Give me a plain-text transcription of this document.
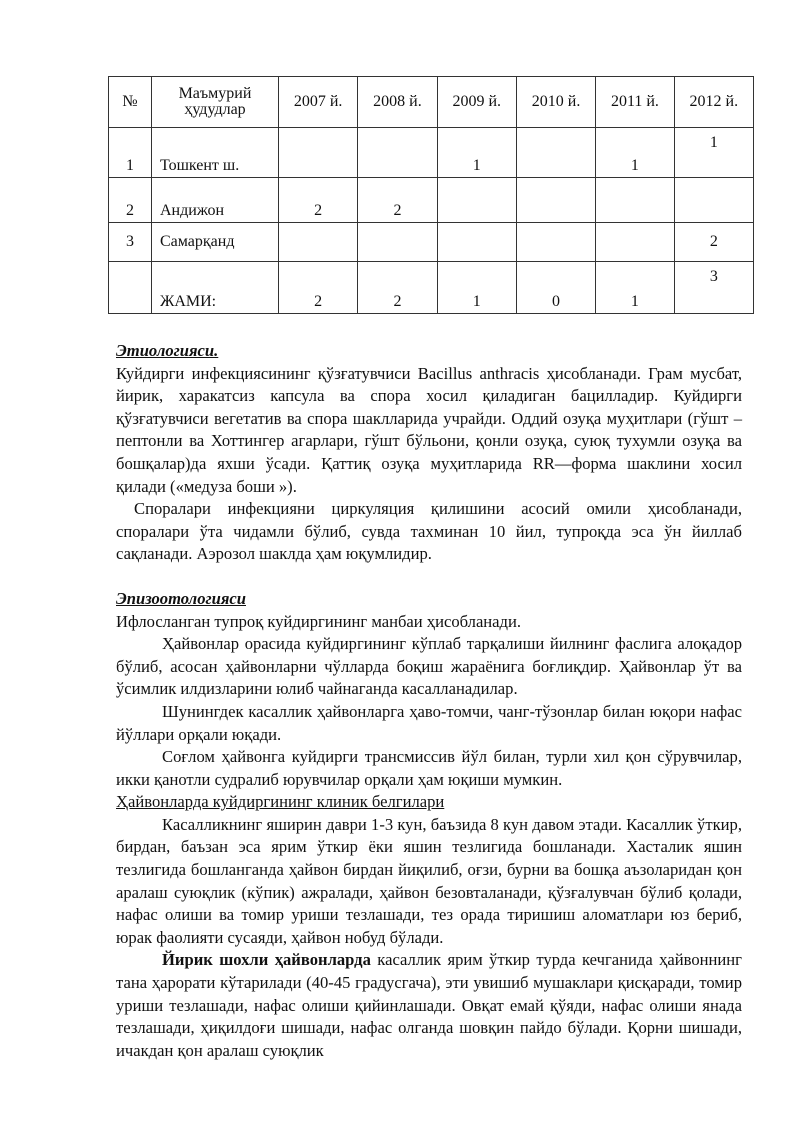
№	Маъмурий ҳудудлар	2007 й.	2008 й.	2009 й.	2010 й.	2011 й.	2012 й.
1	Тошкент ш.			1		1	1
2	Андижон	2	2				
3	Самарқанд						2
	ЖАМИ:	2	2	1	0	1	3

Этиологияси.

Куйдирги инфекциясининг қўзғатувчиси Bacillus anthracis ҳисобланади. Грам мусбат, йирик, харакатсиз капсула ва спора хосил қиладиган бацилладир. Куйдирги қўзғатувчиси вегетатив ва спора шаклларида учрайди. Оддий озуқа муҳитлари (гўшт – пептонли ва Хоттингер агарлари, гўшт бўльони, қонли озуқа, суюқ тухумли озуқа ва бошқалар)да яхши ўсади. Қаттиқ озуқа муҳитларида RR—форма шаклини хосил қилади («медуза боши »).

Споралари инфекцияни циркуляция қилишини асосий омили ҳисобланади, споралари ўта чидамли бўлиб, сувда тахминан 10 йил, тупроқда эса ўн йиллаб сақланади. Аэрозол шаклда ҳам юқумлидир.

Эпизоотологияси

Ифлосланган тупроқ куйдиргининг манбаи ҳисобланади.

Ҳайвонлар орасида куйдиргининг кўплаб тарқалиши йилнинг фаслига алоқадор бўлиб, асосан ҳайвонларни чўлларда боқиш жараёнига боғлиқдир. Ҳайвонлар ўт ва ўсимлик илдизларини юлиб чайнаганда касалланадилар.

Шунингдек касаллик ҳайвонларга ҳаво-томчи, чанг-тўзонлар билан юқори нафас йўллари орқали юқади.

Соғлом ҳайвонга куйдирги трансмиссив йўл билан, турли хил қон сўрувчилар, икки қанотли судралиб юрувчилар орқали ҳам юқиши мумкин.

Ҳайвонларда куйдиргининг клиник белгилари

Касалликнинг яширин даври 1-3 кун, баъзида 8 кун давом этади. Касаллик ўткир, бирдан, баъзан эса ярим ўткир ёки яшин тезлигида бошланади. Хасталик яшин тезлигида бошланганда ҳайвон бирдан йиқилиб, оғзи, бурни ва бошқа аъзоларидан қон аралаш суюқлик (кўпик) ажралади, ҳайвон безовталанади, қўзғалувчан бўлиб қолади, нафас олиши ва томир уриши тезлашади, тез орада тиришиш аломатлари юз бериб, юрак фаолияти сусаяди, ҳайвон нобуд бўлади.

Йирик шохли ҳайвонларда касаллик ярим ўткир турда кечганида ҳайвоннинг тана ҳарорати кўтарилади (40-45 градусгача), эти увишиб мушаклари қисқаради, томир уриши тезлашади, нафас олиши қийинлашади. Овқат емай қўяди, нафас олиши янада тезлашади, ҳиқилдоғи шишади, нафас олганда шовқин пайдо бўлади. Қорни шишади, ичакдан қон аралаш суюқлик
